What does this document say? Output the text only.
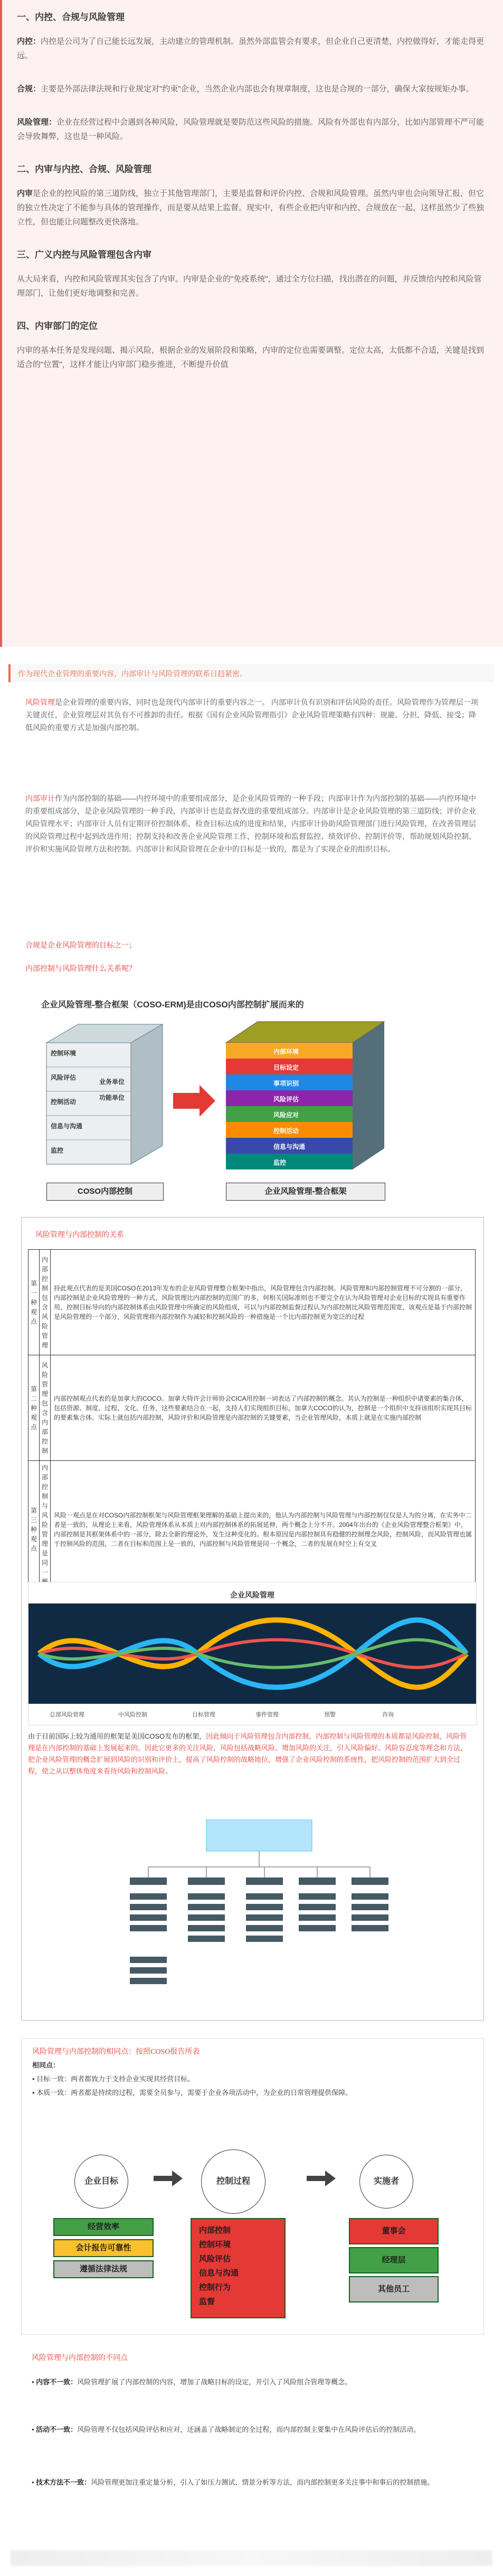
一、内控、合规与风险管理

内控：内控是公司为了自己能长远发展，主动建立的管理机制。虽然外部监管会有要求，但企业自己更清楚，内控做得好，才能走得更远。

合规：主要是外部法律法规和行业规定对"约束"企业，当然企业内部也会有规章制度，这也是合规的一部分，确保大家按规矩办事。

风险管理：企业在经营过程中会遇到各种风险，风险管理就是要防范这些风险的措施。风险有外部也有内部分，比如内部管理不严可能会导致舞弊，这也是一种风险。

二、内审与内控、合规、风险管理

内审是企业的控风险的第三道防线，独立于其他管理部门，主要是监督和评价内控、合规和风险管理。虽然内审也会向领导汇报，但它的独立性决定了不能参与具体的管理操作，而是要从结果上监督。现实中，有些企业把内审和内控、合规放在一起，这样虽然少了些独立性，但也能让问题整改更快落地。

三、广义内控与风险管理包含内审

从大局来看，内控和风险管理其实包含了内审。内审是企业的"免疫系统"，通过全方位扫描，找出潜在的问题，并反馈给内控和风险管理部门，让他们更好地调整和完善。

四、内审部门的定位

内审的基本任务是发现问题、揭示风险，根据企业的发展阶段和策略，内审的定位也需要调整。定位太高，太低都不合适，关键是找到适合的"位置"，这样才能让内审部门稳步推进，不断提升价值

作为现代企业管理的重要内容，内部审计与风险管理的联系日趋紧密。

风险管理是企业管理的重要内容，同时也是现代内部审计的重要内容之一。 内部审计负有识别和评估风险的责任。风险管理作为管理层一项关键责任，企业管理层对其负有不可推卸的责任。根据《国有企业风险管理指引》企业风险管理策略有四种：规避、分担、降低、接受；降低风险的重要方式是加强内部控制。

内部审计作为内部控制的基础——内控环境中的重要组成部分，是企业风险管理的一种手段；内部审计作为内部控制的基础——内控环境中的重要组成部分，是企业风险管理的一种手段，内部审计也是监督改进的重要组成部分。内部审计是企业风险管理的第三道防线；评价企业风险管理水平；内部审计人员有定期评价控制体系，检查目标达成的进度和结果，内部审计协助风险管理部门进行风险管理，在改善管理层的风险管理过程中起到改进作用；控制支持和改善企业风险管理工作，控制环境和监督监控、绩效评价、控制评价等，帮助规划风险控制、评价和实施风险管理方法和控制。内部审计和风险管理在企业中的目标是一致的，都是为了实现企业的组织目标。

合规是企业风险管理的目标之一；
内部控制与风险管理什么关系呢？
企业风险管理-整合框架（COSO-ERM)是由COSO内部控制扩展而来的
控制环境
风险评估
控制活动
信息与沟通
监控
业务单位
功能单位
内部环境
目标设定
事项识别
风险评估
风险应对
控制活动
信息与沟通
监控
COSO内部控制	企业风险管理-整合框架
风险管理与内部控制的关系
第一种观点	内部控制包含风险管理	持此观点代表的是美国COSO在2013年发布的企业风险管理整合框架中指出，风险管理包含内部控制。风险管理和内部控制管理不可分割的一部分，内部控制是企业风险管理的一种方式，风险管理比内部控制的范围广的多，何相关国际准则也不要完全在认为风险管理对企业目标的实现具有重要作用，控制目标导向的内部控制体系由风险管理中所确定的风险组成，可以与内部控制监督过程认为内部控制比风险管理范围宽，该观点是基于内部控制是风险管理的一个部分，风险管理将内部控制作为减轻和控制风险的一种措施是一个比内部控制更为宽泛的过程
第二种观点	风险管理包含内部控制	内部控制观点代表的是加拿大的COCO。加拿大特许会计师协会CICA用控制一词表达了内部控制的概念。其认为控制是一种组织中诸要素的集合体，包括资源、制度、过程、文化、任务，这些要素结合在一起，支持人们实现组织目标，加拿大COCO的认为，控制是一个组织中支持该组织实现其目标的要素集合体。实际上就包括内部控制，风险评价和风险管理是内部控制的关键要素，当企业管理风险，本质上就是在实施内部控制
第三种观点	内部控制与风险管理是同一	风险一观点是在对COSO内部控制框架与风险管理框架理解的基础上提出来的，他认为内部控制与风险管理与内部控制仅仅是人为的分离，在实务中二者是一致的，从理论上来看，风险管理体系从本质上对内部控制体系的拓展延伸，两个概念上分不开。2004年出台的《企业风险管理整合框架》中，内部控制是其框架体系中的一部分，除去全新的理论外，发生这种变化的。根本原因是内部控制具有稳健的控制理念风险，控制风险，而风险管理也属于控制风险的范围，二者在目标和范围上是一致的，内部控制与风险管理是同一个概念，二者的发展在时空上有交叉
企业风险管理
总部风险管理	中风险控制	目标管理	事件管理	预警	咨询

由于目前国际上较为通用的框架是美国COSO发布的框架，因此倾向于风险管理包含内部控制，内部控制与风险管理的本质都是风险控制，风险管理是在内部控制的基础上发展起来的，因此它更多的关注风险，风险包括战略风险、增加风险的关注，引入风险偏好、风险容忍度等理念和方法，把企业风险管理的概念扩展到风险的识别和评价上，提高了风险控制的战略地位，增强了企业风险控制的系统性，把风险控制的范围扩大到全过程，使之从以整体角度来看待风险和控制风险。

风险管理与内部控制的相同点：按照COSO报告所表
相同点：
• 目标一致：两者都致力于支持企业实现其经营目标。
• 本质一致：两者都是持续的过程，需要全员参与，需要于企业各项活动中，为企业的日常管理提供保障。
企业目标	控制过程	实施者
经营效率
会计报告可靠性
遵循法律法规
内部控制
控制环境
风险评估
信息与沟通
控制行为
监督
董事会
经理层
其他员工
风险管理与内部控制的不同点

• 内容不一致：风险管理扩展了内部控制的内容，增加了战略目标的设定，并引入了风险组合管理等概念。

• 活动不一致：风险管理不仅包括风险评估和应对，还涵盖了战略制定的全过程，而内部控制主要集中在风险评估后的控制活动。

• 技术方法不一致：风险管理更加注重定量分析，引入了如压力测试、情景分析等方法，而内部控制更多关注事中和事后的控制措施。
